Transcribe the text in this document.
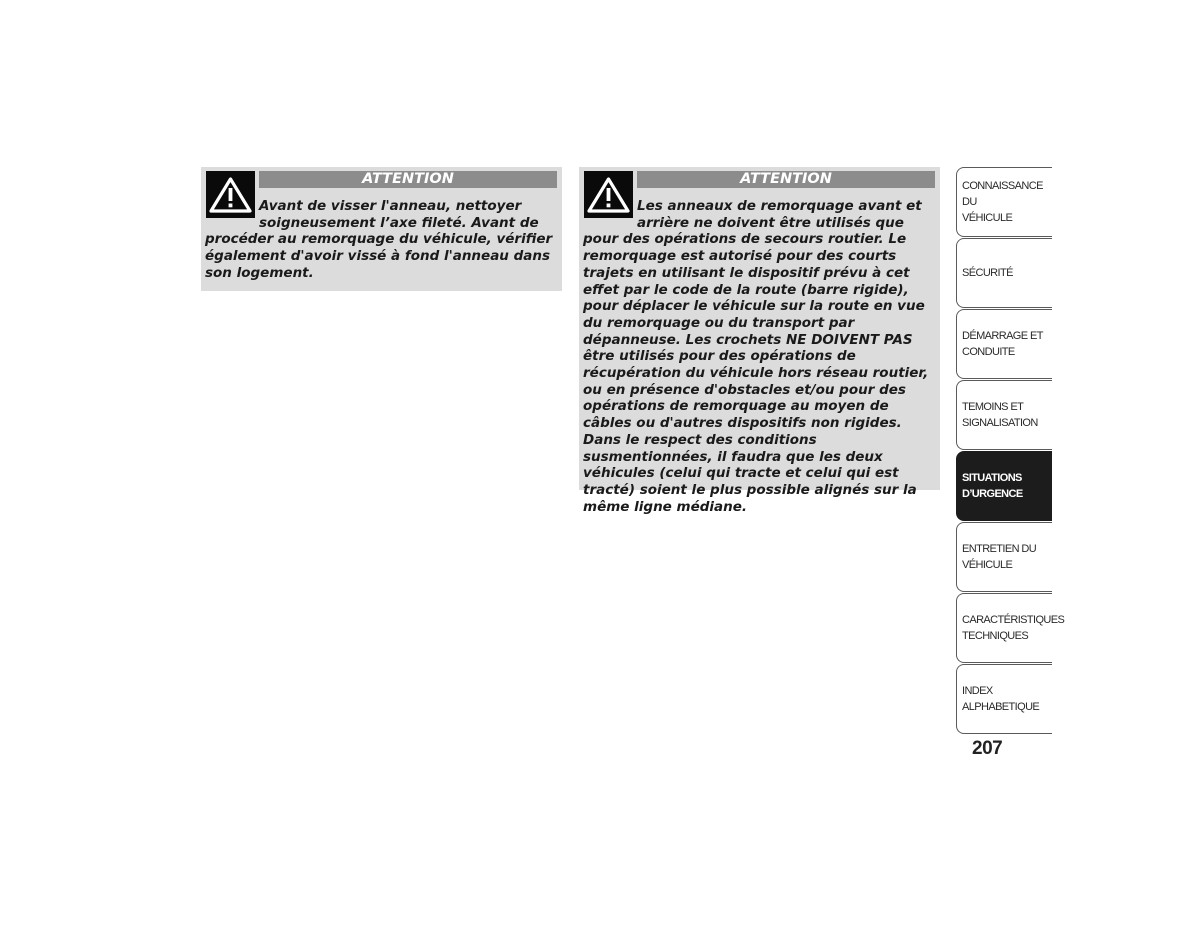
ATTENTION

Avant de visser l'anneau, nettoyer soigneusement l’axe fileté. Avant de procéder au remorquage du véhicule, vérifier également d'avoir vissé à fond l'anneau dans son logement.

ATTENTION

Les anneaux de remorquage avant et arrière ne doivent être utilisés que pour des opérations de secours routier. Le remorquage est autorisé pour des courts trajets en utilisant le dispositif prévu à cet effet par le code de la route (barre rigide), pour déplacer le véhicule sur la route en vue du remorquage ou du transport par dépanneuse. Les crochets NE DOIVENT PAS être utilisés pour des opérations de récupération du véhicule hors réseau routier, ou en présence d'obstacles et/ou pour des opérations de remorquage au moyen de câbles ou d'autres dispositifs non rigides. Dans le respect des conditions susmentionnées, il faudra que les deux véhicules (celui qui tracte et celui qui est tracté) soient le plus possible alignés sur la même ligne médiane.

CONNAISSANCE DU
VÉHICULE
SÉCURITÉ
DÉMARRAGE ET
CONDUITE
TEMOINS ET
SIGNALISATION
SITUATIONS
D’URGENCE
ENTRETIEN DU
VÉHICULE
CARACTÉRISTIQUES
TECHNIQUES
INDEX
ALPHABETIQUE
207
